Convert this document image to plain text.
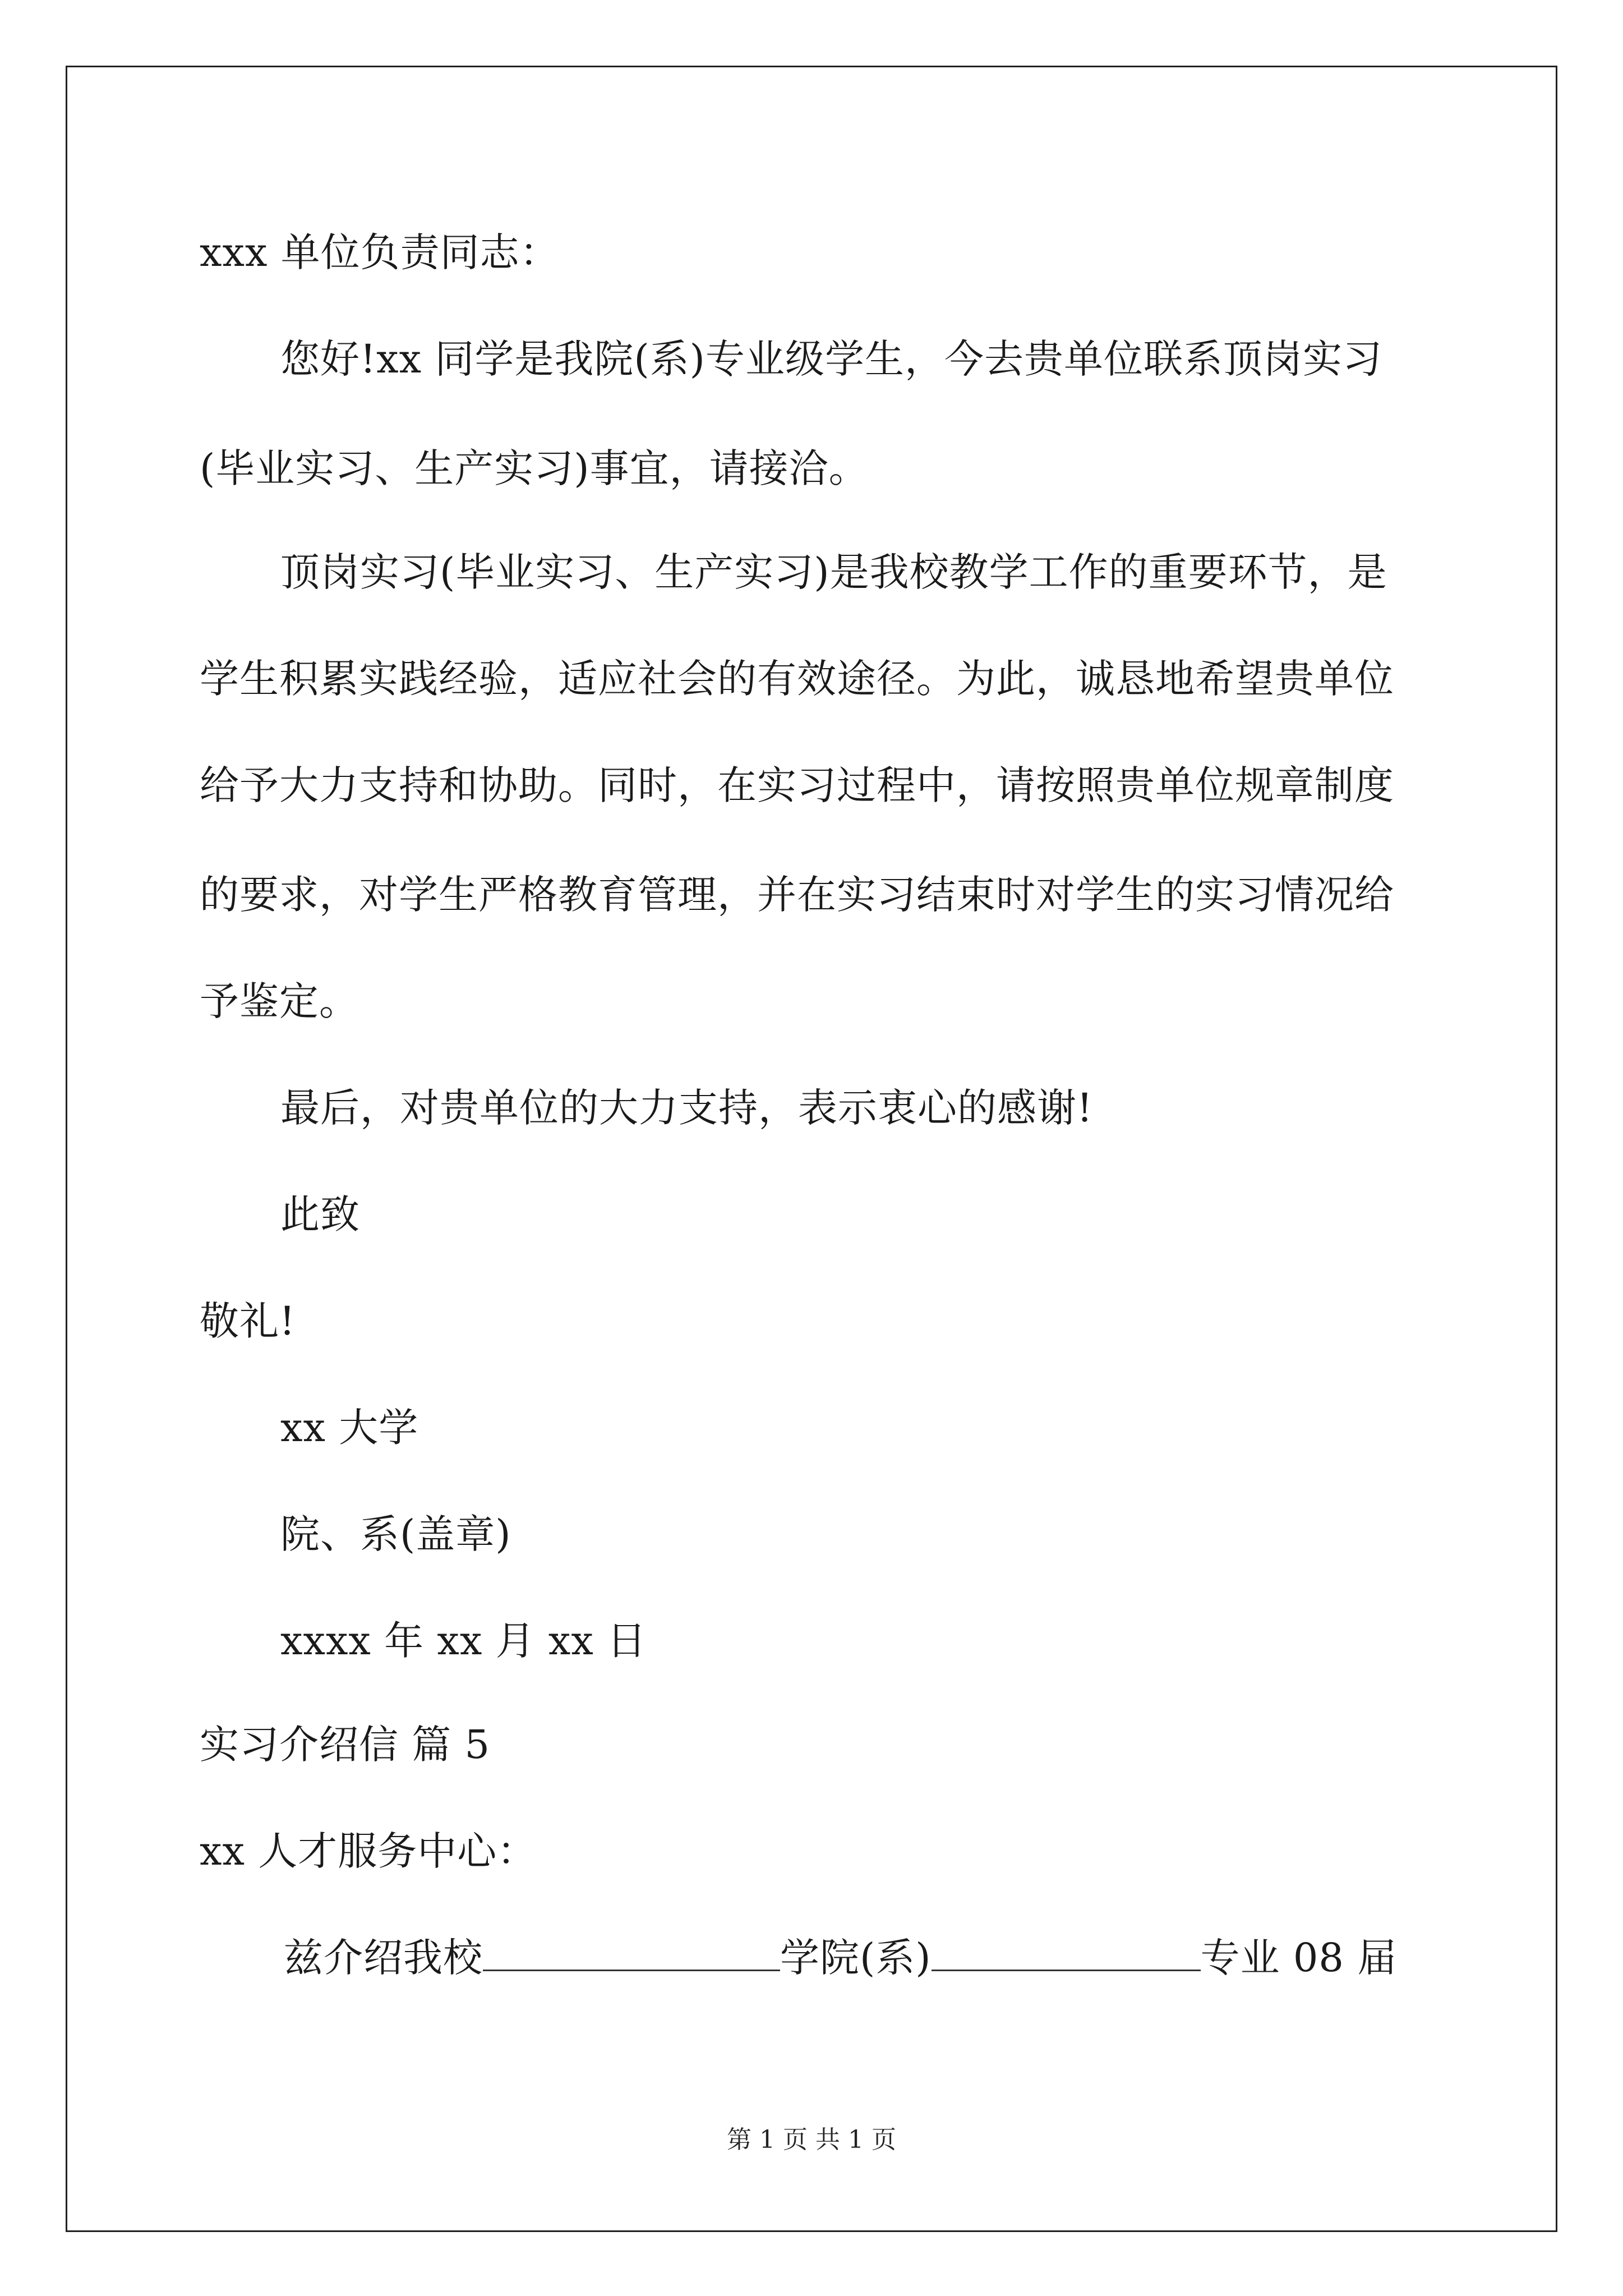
xxx 单位负责同志：
您好!xx 同学是我院(系)专业级学生，今去贵单位联系顶岗实习
(毕业实习、生产实习)事宜，请接洽。
顶岗实习(毕业实习、生产实习)是我校教学工作的重要环节，是
学生积累实践经验，适应社会的有效途径。为此，诚恳地希望贵单位
给予大力支持和协助。同时，在实习过程中，请按照贵单位规章制度
的要求，对学生严格教育管理，并在实习结束时对学生的实习情况给
予鉴定。
最后，对贵单位的大力支持，表示衷心的感谢!
此致
敬礼!
xx 大学
院、系(盖章)
xxxx 年 xx 月 xx 日
实习介绍信 篇 5
xx 人才服务中心：
兹介绍我校	学院(系)	专业 08 届
第 1 页 共 1 页
